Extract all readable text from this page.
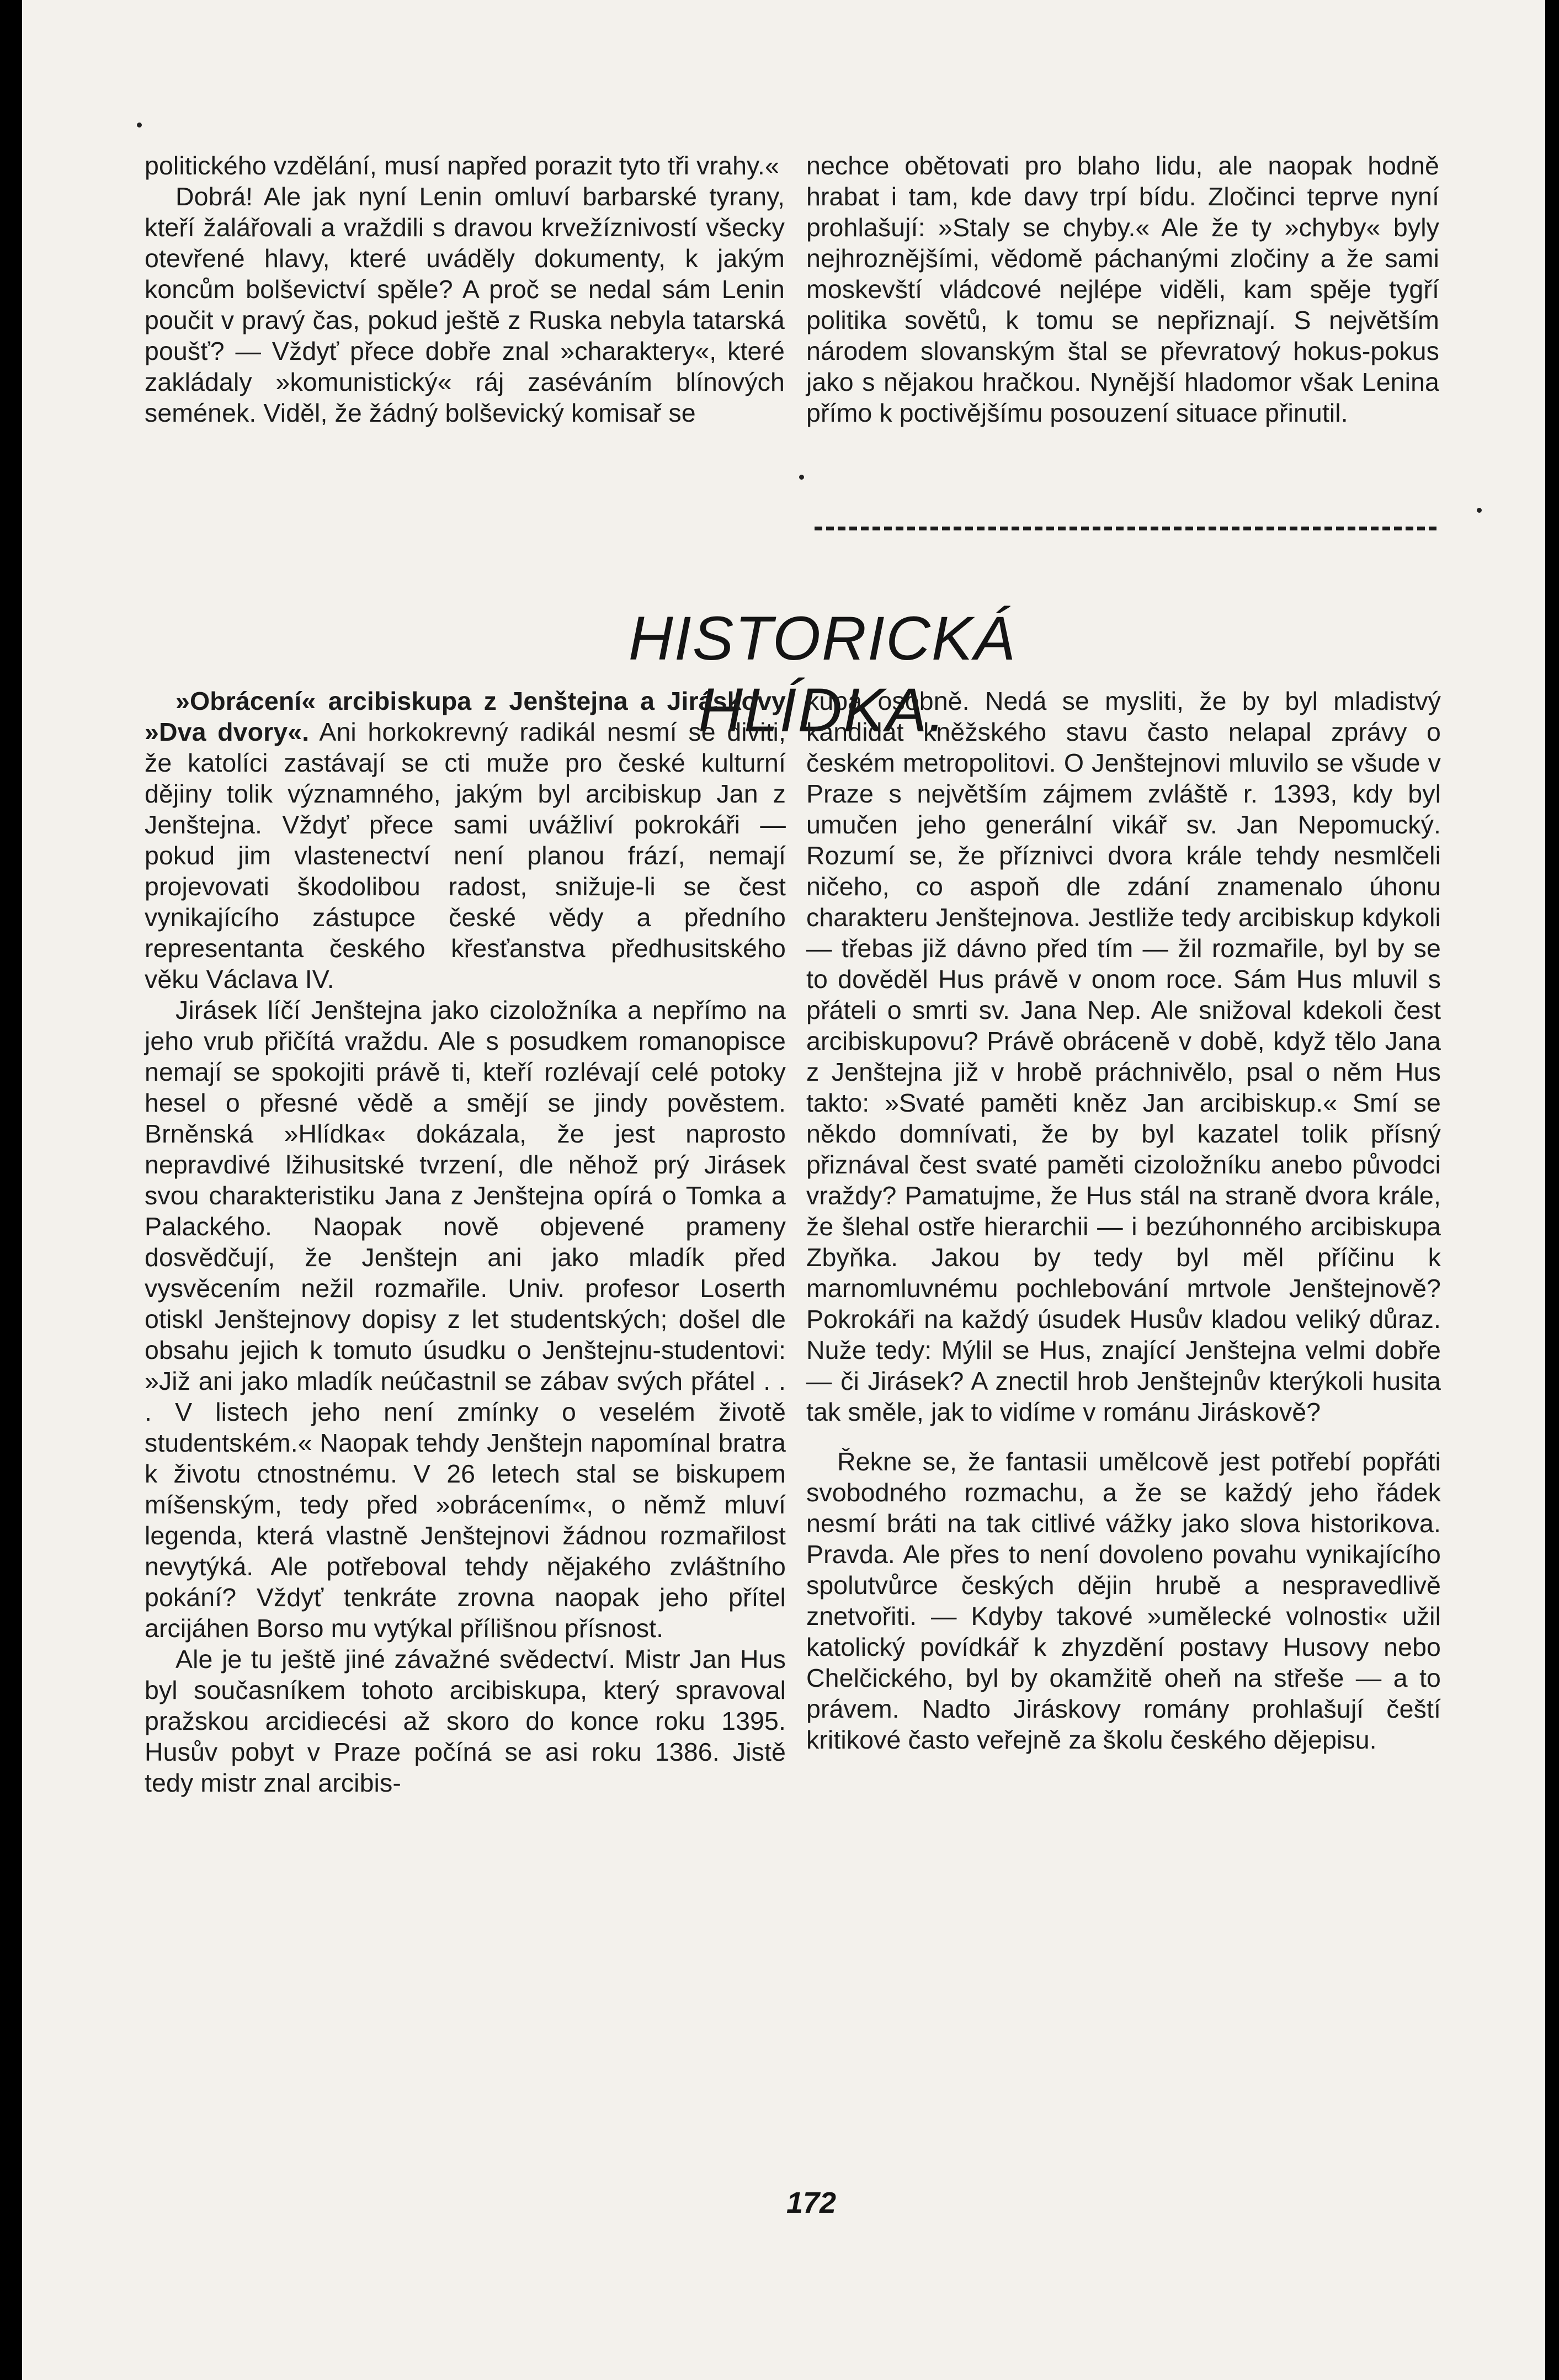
politického vzdělání, musí napřed porazit tyto tři vrahy.«

Dobrá! Ale jak nyní Lenin omluví barbarské tyrany, kteří žalářovali a vraždili s dravou krvežíznivostí všecky otevřené hlavy, které uváděly dokumenty, k jakým koncům bolševictví spěle? A proč se nedal sám Lenin poučit v pravý čas, pokud ještě z Ruska nebyla tatarská poušť? — Vždyť přece dobře znal »charaktery«, které zakládaly »komunistický« ráj zaséváním blínových semének. Viděl, že žádný bolševický komisař se

nechce obětovati pro blaho lidu, ale naopak hodně hrabat i tam, kde davy trpí bídu. Zločinci teprve nyní prohlašují: »Staly se chyby.« Ale že ty »chyby« byly nejhroznějšími, vědomě páchanými zločiny a že sami moskevští vládcové nejlépe viděli, kam spěje tygří politika sovětů, k tomu se nepřiznají. S největším národem slovanským štal se převratový hokus-pokus jako s nějakou hračkou. Nynější hladomor však Lenina přímo k poctivějšímu posouzení situace přinutil.

HISTORICKÁ HLÍDKA.

»Obrácení« arcibiskupa z Jenštejna a Jiráskovy »Dva dvory«. Ani horkokrevný radikál nesmí se diviti, že katolíci zastávají se cti muže pro české kulturní dějiny tolik významného, jakým byl arcibiskup Jan z Jenštejna. Vždyť přece sami uvážliví pokrokáři — pokud jim vlastenectví není planou frází, nemají projevovati škodolibou radost, snižuje-li se čest vynikajícího zástupce české vědy a předního representanta českého křesťanstva předhusitského věku Václava IV.

Jirásek líčí Jenštejna jako cizoložníka a nepřímo na jeho vrub přičítá vraždu. Ale s posudkem romanopisce nemají se spokojiti právě ti, kteří rozlévají celé potoky hesel o přesné vědě a smějí se jindy pověstem. Brněnská »Hlídka« dokázala, že jest naprosto nepravdivé lžihusitské tvrzení, dle něhož prý Jirásek svou charakteristiku Jana z Jenštejna opírá o Tomka a Palackého. Naopak nově objevené prameny dosvědčují, že Jenštejn ani jako mladík před vysvěcením nežil rozmařile. Univ. profesor Loserth otiskl Jenštejnovy dopisy z let studentských; došel dle obsahu jejich k tomuto úsudku o Jenštejnu-studentovi: »Již ani jako mladík neúčastnil se zábav svých přátel . . . V listech jeho není zmínky o veselém životě studentském.« Naopak tehdy Jenštejn napomínal bratra k životu ctnostnému. V 26 letech stal se biskupem míšenským, tedy před »obrácením«, o němž mluví legenda, která vlastně Jenštejnovi žádnou rozmařilost nevytýká. Ale potřeboval tehdy nějakého zvláštního pokání? Vždyť tenkráte zrovna naopak jeho přítel arcijáhen Borso mu vytýkal přílišnou přísnost.

Ale je tu ještě jiné závažné svědectví. Mistr Jan Hus byl současníkem tohoto arcibiskupa, který spravoval pražskou arcidiecési až skoro do konce roku 1395. Husův pobyt v Praze počíná se asi roku 1386. Jistě tedy mistr znal arcibis-

kupa osobně. Nedá se mysliti, že by byl mladistvý kandidát kněžského stavu často nelapal zprávy o českém metropolitovi. O Jenštejnovi mluvilo se všude v Praze s největším zájmem zvláště r. 1393, kdy byl umučen jeho generální vikář sv. Jan Nepomucký. Rozumí se, že příznivci dvora krále tehdy nesmlčeli ničeho, co aspoň dle zdání znamenalo úhonu charakteru Jenštejnova. Jestliže tedy arcibiskup kdykoli — třebas již dávno před tím — žil rozmařile, byl by se to dověděl Hus právě v onom roce. Sám Hus mluvil s přáteli o smrti sv. Jana Nep. Ale snižoval kdekoli čest arcibiskupovu? Právě obráceně v době, když tělo Jana z Jenštejna již v hrobě práchnivělo, psal o něm Hus takto: »Svaté paměti kněz Jan arcibiskup.« Smí se někdo domnívati, že by byl kazatel tolik přísný přiznával čest svaté paměti cizoložníku anebo původci vraždy? Pamatujme, že Hus stál na straně dvora krále, že šlehal ostře hierarchii — i bezúhonného arcibiskupa Zbyňka. Jakou by tedy byl měl příčinu k marnomluvnému pochlebování mrtvole Jenštejnově? Pokrokáři na každý úsudek Husův kladou veliký důraz. Nuže tedy: Mýlil se Hus, znající Jenštejna velmi dobře — či Jirásek? A znectil hrob Jenštejnův kterýkoli husita tak směle, jak to vidíme v románu Jiráskově?

Řekne se, že fantasii umělcově jest potřebí popřáti svobodného rozmachu, a že se každý jeho řádek nesmí bráti na tak citlivé vážky jako slova historikova. Pravda. Ale přes to není dovoleno povahu vynikajícího spolutvůrce českých dějin hrubě a nespravedlivě znetvořiti. — Kdyby takové »umělecké volnosti« užil katolický povídkář k zhyzdění postavy Husovy nebo Chelčického, byl by okamžitě oheň na střeše — a to právem. Nadto Jiráskovy romány prohlašují čeští kritikové často veřejně za školu českého dějepisu.

172
